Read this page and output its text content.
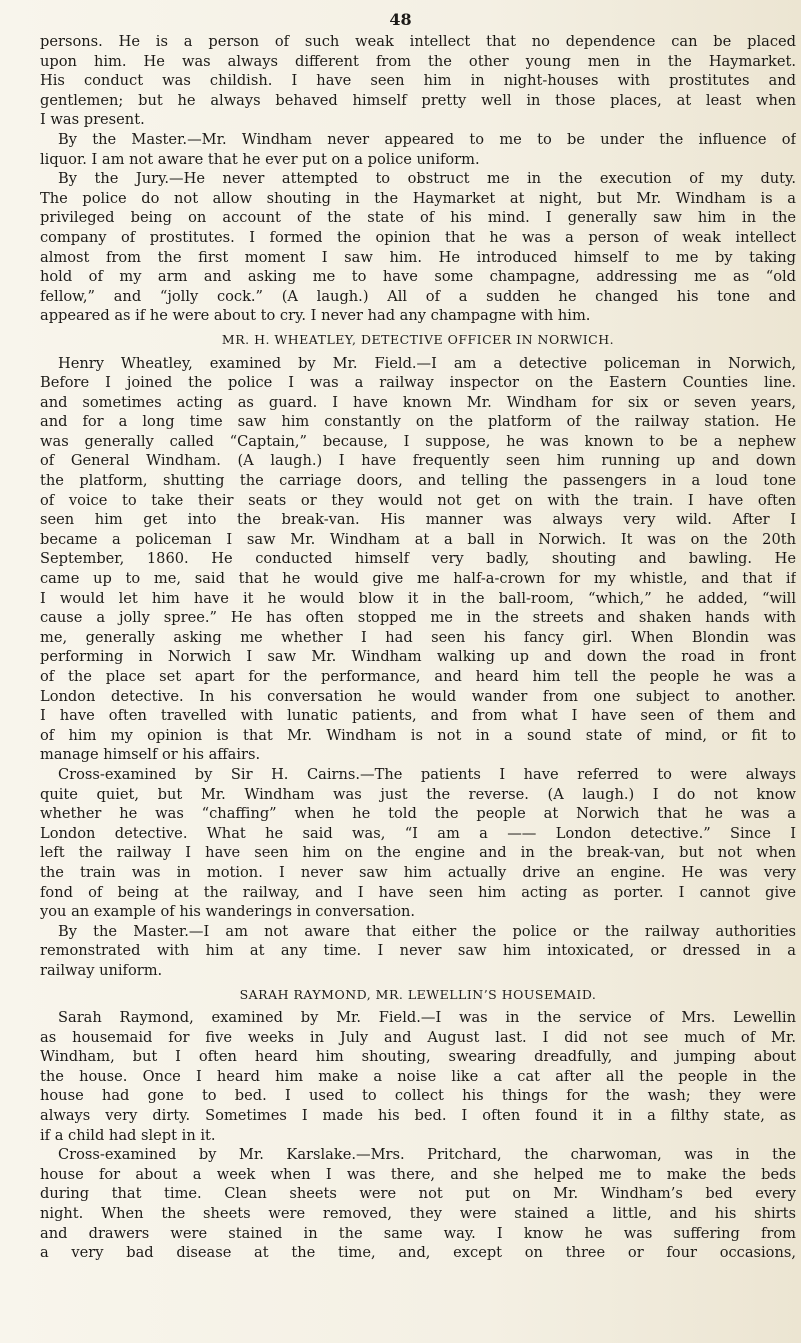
48
persons. He is a person of such weak intellect that no dependence can be placed
upon him. He was always different from the other young men in the Haymarket.
His conduct was childish. I have seen him in night-houses with prostitutes and
gentlemen; but he always behaved himself pretty well in those places, at least when
I was present.
By the Master.—Mr. Windham never appeared to me to be under the influence of
liquor. I am not aware that he ever put on a police uniform.
By the Jury.—He never attempted to obstruct me in the execution of my duty.
The police do not allow shouting in the Haymarket at night, but Mr. Windham is a
privileged being on account of the state of his mind. I generally saw him in the
company of prostitutes. I formed the opinion that he was a person of weak intellect
almost from the first moment I saw him. He introduced himself to me by taking
hold of my arm and asking me to have some champagne, addressing me as “old
fellow,” and “jolly cock.” (A laugh.) All of a sudden he changed his tone and
appeared as if he were about to cry. I never had any champagne with him.
MR. H. WHEATLEY, DETECTIVE OFFICER IN NORWICH.
Henry Wheatley, examined by Mr. Field.—I am a detective policeman in Norwich,
Before I joined the police I was a railway inspector on the Eastern Counties line.
and sometimes acting as guard. I have known Mr. Windham for six or seven years,
and for a long time saw him constantly on the platform of the railway station. He
was generally called “Captain,” because, I suppose, he was known to be a nephew
of General Windham. (A laugh.) I have frequently seen him running up and down
the platform, shutting the carriage doors, and telling the passengers in a loud tone
of voice to take their seats or they would not get on with the train. I have often
seen him get into the break-van. His manner was always very wild. After I
became a policeman I saw Mr. Windham at a ball in Norwich. It was on the 20th
September, 1860. He conducted himself very badly, shouting and bawling. He
came up to me, said that he would give me half-a-crown for my whistle, and that if
I would let him have it he would blow it in the ball-room, “which,” he added, “will
cause a jolly spree.” He has often stopped me in the streets and shaken hands with
me, generally asking me whether I had seen his fancy girl. When Blondin was
performing in Norwich I saw Mr. Windham walking up and down the road in front
of the place set apart for the performance, and heard him tell the people he was a
London detective. In his conversation he would wander from one subject to another.
I have often travelled with lunatic patients, and from what I have seen of them and
of him my opinion is that Mr. Windham is not in a sound state of mind, or fit to
manage himself or his affairs.
Cross-examined by Sir H. Cairns.—The patients I have referred to were always
quite quiet, but Mr. Windham was just the reverse. (A laugh.) I do not know
whether he was “chaffing” when he told the people at Norwich that he was a
London detective. What he said was, “I am a —— London detective.” Since I
left the railway I have seen him on the engine and in the break-van, but not when
the train was in motion. I never saw him actually drive an engine. He was very
fond of being at the railway, and I have seen him acting as porter. I cannot give
you an example of his wanderings in conversation.
By the Master.—I am not aware that either the police or the railway authorities
remonstrated with him at any time. I never saw him intoxicated, or dressed in a
railway uniform.
SARAH RAYMOND, MR. LEWELLIN’S HOUSEMAID.
Sarah Raymond, examined by Mr. Field.—I was in the service of Mrs. Lewellin
as housemaid for five weeks in July and August last. I did not see much of Mr.
Windham, but I often heard him shouting, swearing dreadfully, and jumping about
the house. Once I heard him make a noise like a cat after all the people in the
house had gone to bed. I used to collect his things for the wash; they were
always very dirty. Sometimes I made his bed. I often found it in a filthy state, as
if a child had slept in it.
Cross-examined by Mr. Karslake.—Mrs. Pritchard, the charwoman, was in the
house for about a week when I was there, and she helped me to make the beds
during that time. Clean sheets were not put on Mr. Windham’s bed every
night. When the sheets were removed, they were stained a little, and his shirts
and drawers were stained in the same way. I know he was suffering from
a very bad disease at the time, and, except on three or four occasions,
